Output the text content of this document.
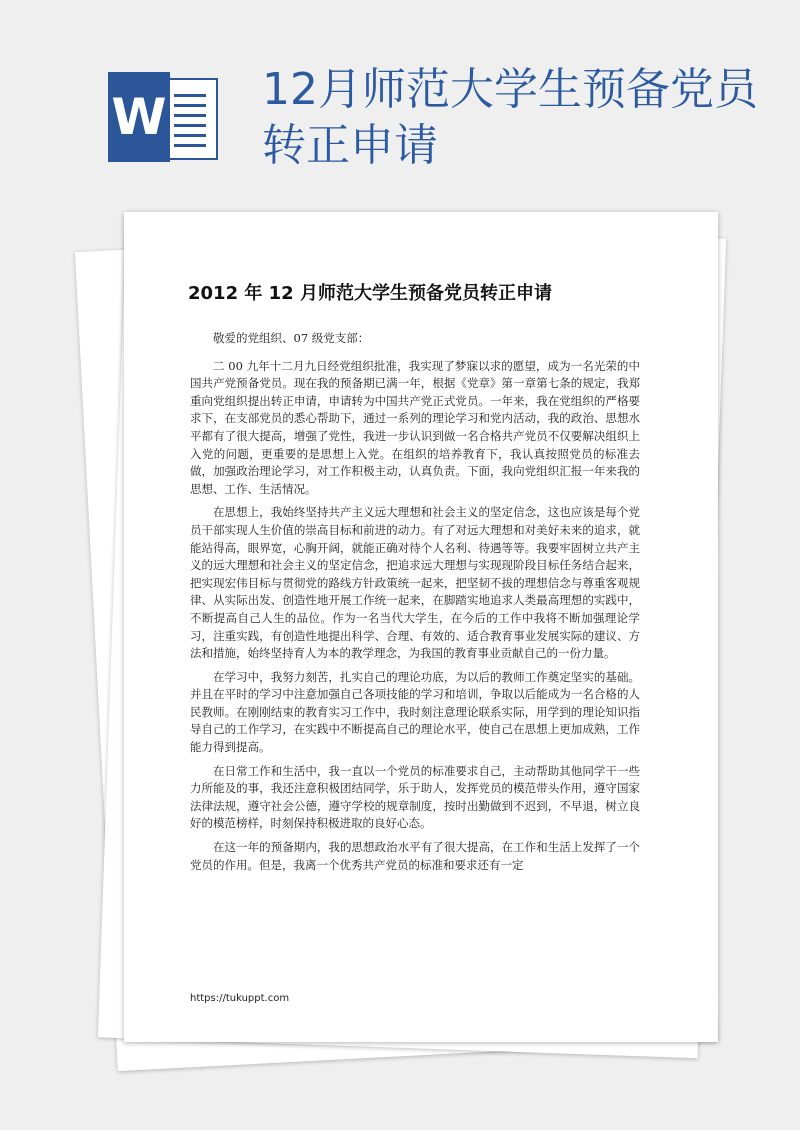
W 12月师范大学生预备党员转正申请
2012 年 12 月师范大学生预备党员转正申请

敬爱的党组织、07 级党支部：

二 00 九年十二月九日经党组织批准，我实现了梦寐以求的愿望，成为一名光荣的中国共产党预备党员。现在我的预备期已满一年，根据《党章》第一章第七条的规定，我郑重向党组织提出转正申请，申请转为中国共产党正式党员。一年来，我在党组织的严格要求下，在支部党员的悉心帮助下，通过一系列的理论学习和党内活动，我的政治、思想水平都有了很大提高，增强了党性，我进一步认识到做一名合格共产党员不仅要解决组织上入党的问题，更重要的是思想上入党。在组织的培养教育下，我认真按照党员的标准去做，加强政治理论学习，对工作积极主动，认真负责。下面，我向党组织汇报一年来我的思想、工作、生活情况。

在思想上，我始终坚持共产主义远大理想和社会主义的坚定信念，这也应该是每个党员干部实现人生价值的崇高目标和前进的动力。有了对远大理想和对美好未来的追求，就能站得高，眼界宽，心胸开阔，就能正确对待个人名利、待遇等等。我要牢固树立共产主义的远大理想和社会主义的坚定信念，把追求远大理想与实现现阶段目标任务结合起来，把实现宏伟目标与贯彻党的路线方针政策统一起来，把坚韧不拔的理想信念与尊重客观规律、从实际出发、创造性地开展工作统一起来，在脚踏实地追求人类最高理想的实践中，不断提高自己人生的品位。作为一名当代大学生，在今后的工作中我将不断加强理论学习，注重实践，有创造性地提出科学、合理、有效的、适合教育事业发展实际的建议、方法和措施，始终坚持育人为本的教学理念，为我国的教育事业贡献自己的一份力量。

在学习中，我努力刻苦，扎实自己的理论功底，为以后的教师工作奠定坚实的基础。并且在平时的学习中注意加强自己各项技能的学习和培训，争取以后能成为一名合格的人民教师。在刚刚结束的教育实习工作中，我时刻注意理论联系实际，用学到的理论知识指导自己的工作学习，在实践中不断提高自己的理论水平，使自己在思想上更加成熟，工作能力得到提高。

在日常工作和生活中，我一直以一个党员的标准要求自己，主动帮助其他同学干一些力所能及的事，我还注意积极团结同学，乐于助人，发挥党员的模范带头作用，遵守国家法律法规，遵守社会公德，遵守学校的规章制度，按时出勤做到不迟到，不早退，树立良好的模范榜样，时刻保持积极进取的良好心态。

在这一年的预备期内，我的思想政治水平有了很大提高，在工作和生活上发挥了一个党员的作用。但是，我离一个优秀共产党员的标准和要求还有一定

https://tukuppt.com
